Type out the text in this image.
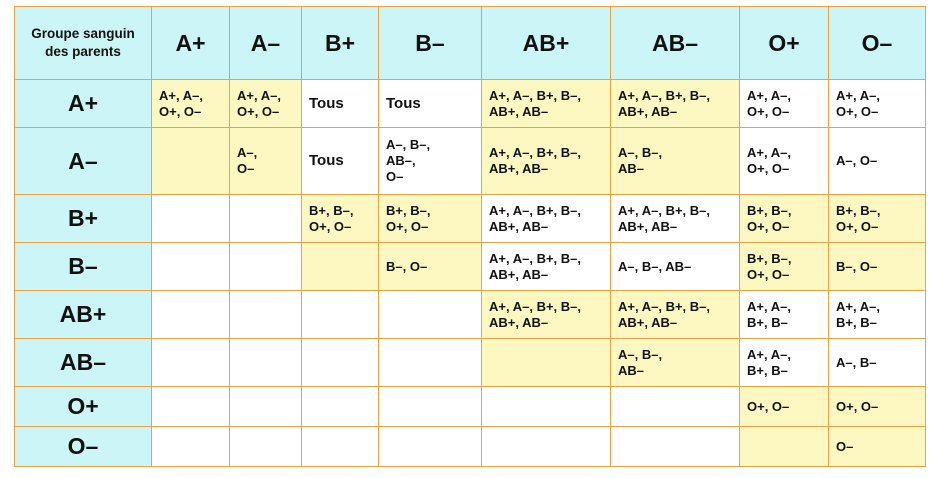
Groupe sanguin
des parents	A+	A–	B+	B–	AB+	AB–	O+	O–
A+	A+, A–,
O+, O–	A+, A–,
O+, O–	Tous	Tous	A+, A–, B+, B–,
AB+, AB–	A+, A–, B+, B–,
AB+, AB–	A+, A–,
O+, O–	A+, A–,
O+, O–

A–		A–,
O–	Tous	A–, B–,
AB–,
O–	A+, A–, B+, B–,
AB+, AB–	A–, B–,
AB–	A+, A–,
O+, O–	A–, O–

B+			B+, B–,
O+, O–	B+, B–,
O+, O–	A+, A–, B+, B–,
AB+, AB–	A+, A–, B+, B–,
AB+, AB–	B+, B–,
O+, O–	B+, B–,
O+, O–

B–				B–, O–	A+, A–, B+, B–,
AB+, AB–	A–, B–, AB–	B+, B–,
O+, O–	B–, O–

AB+					A+, A–, B+, B–,
AB+, AB–	A+, A–, B+, B–,
AB+, AB–	A+, A–,
B+, B–	A+, A–,
B+, B–

AB–						A–, B–,
AB–	A+, A–,
B+, B–	A–, B–

O+							O+, O–	O+, O–

O–								O–
